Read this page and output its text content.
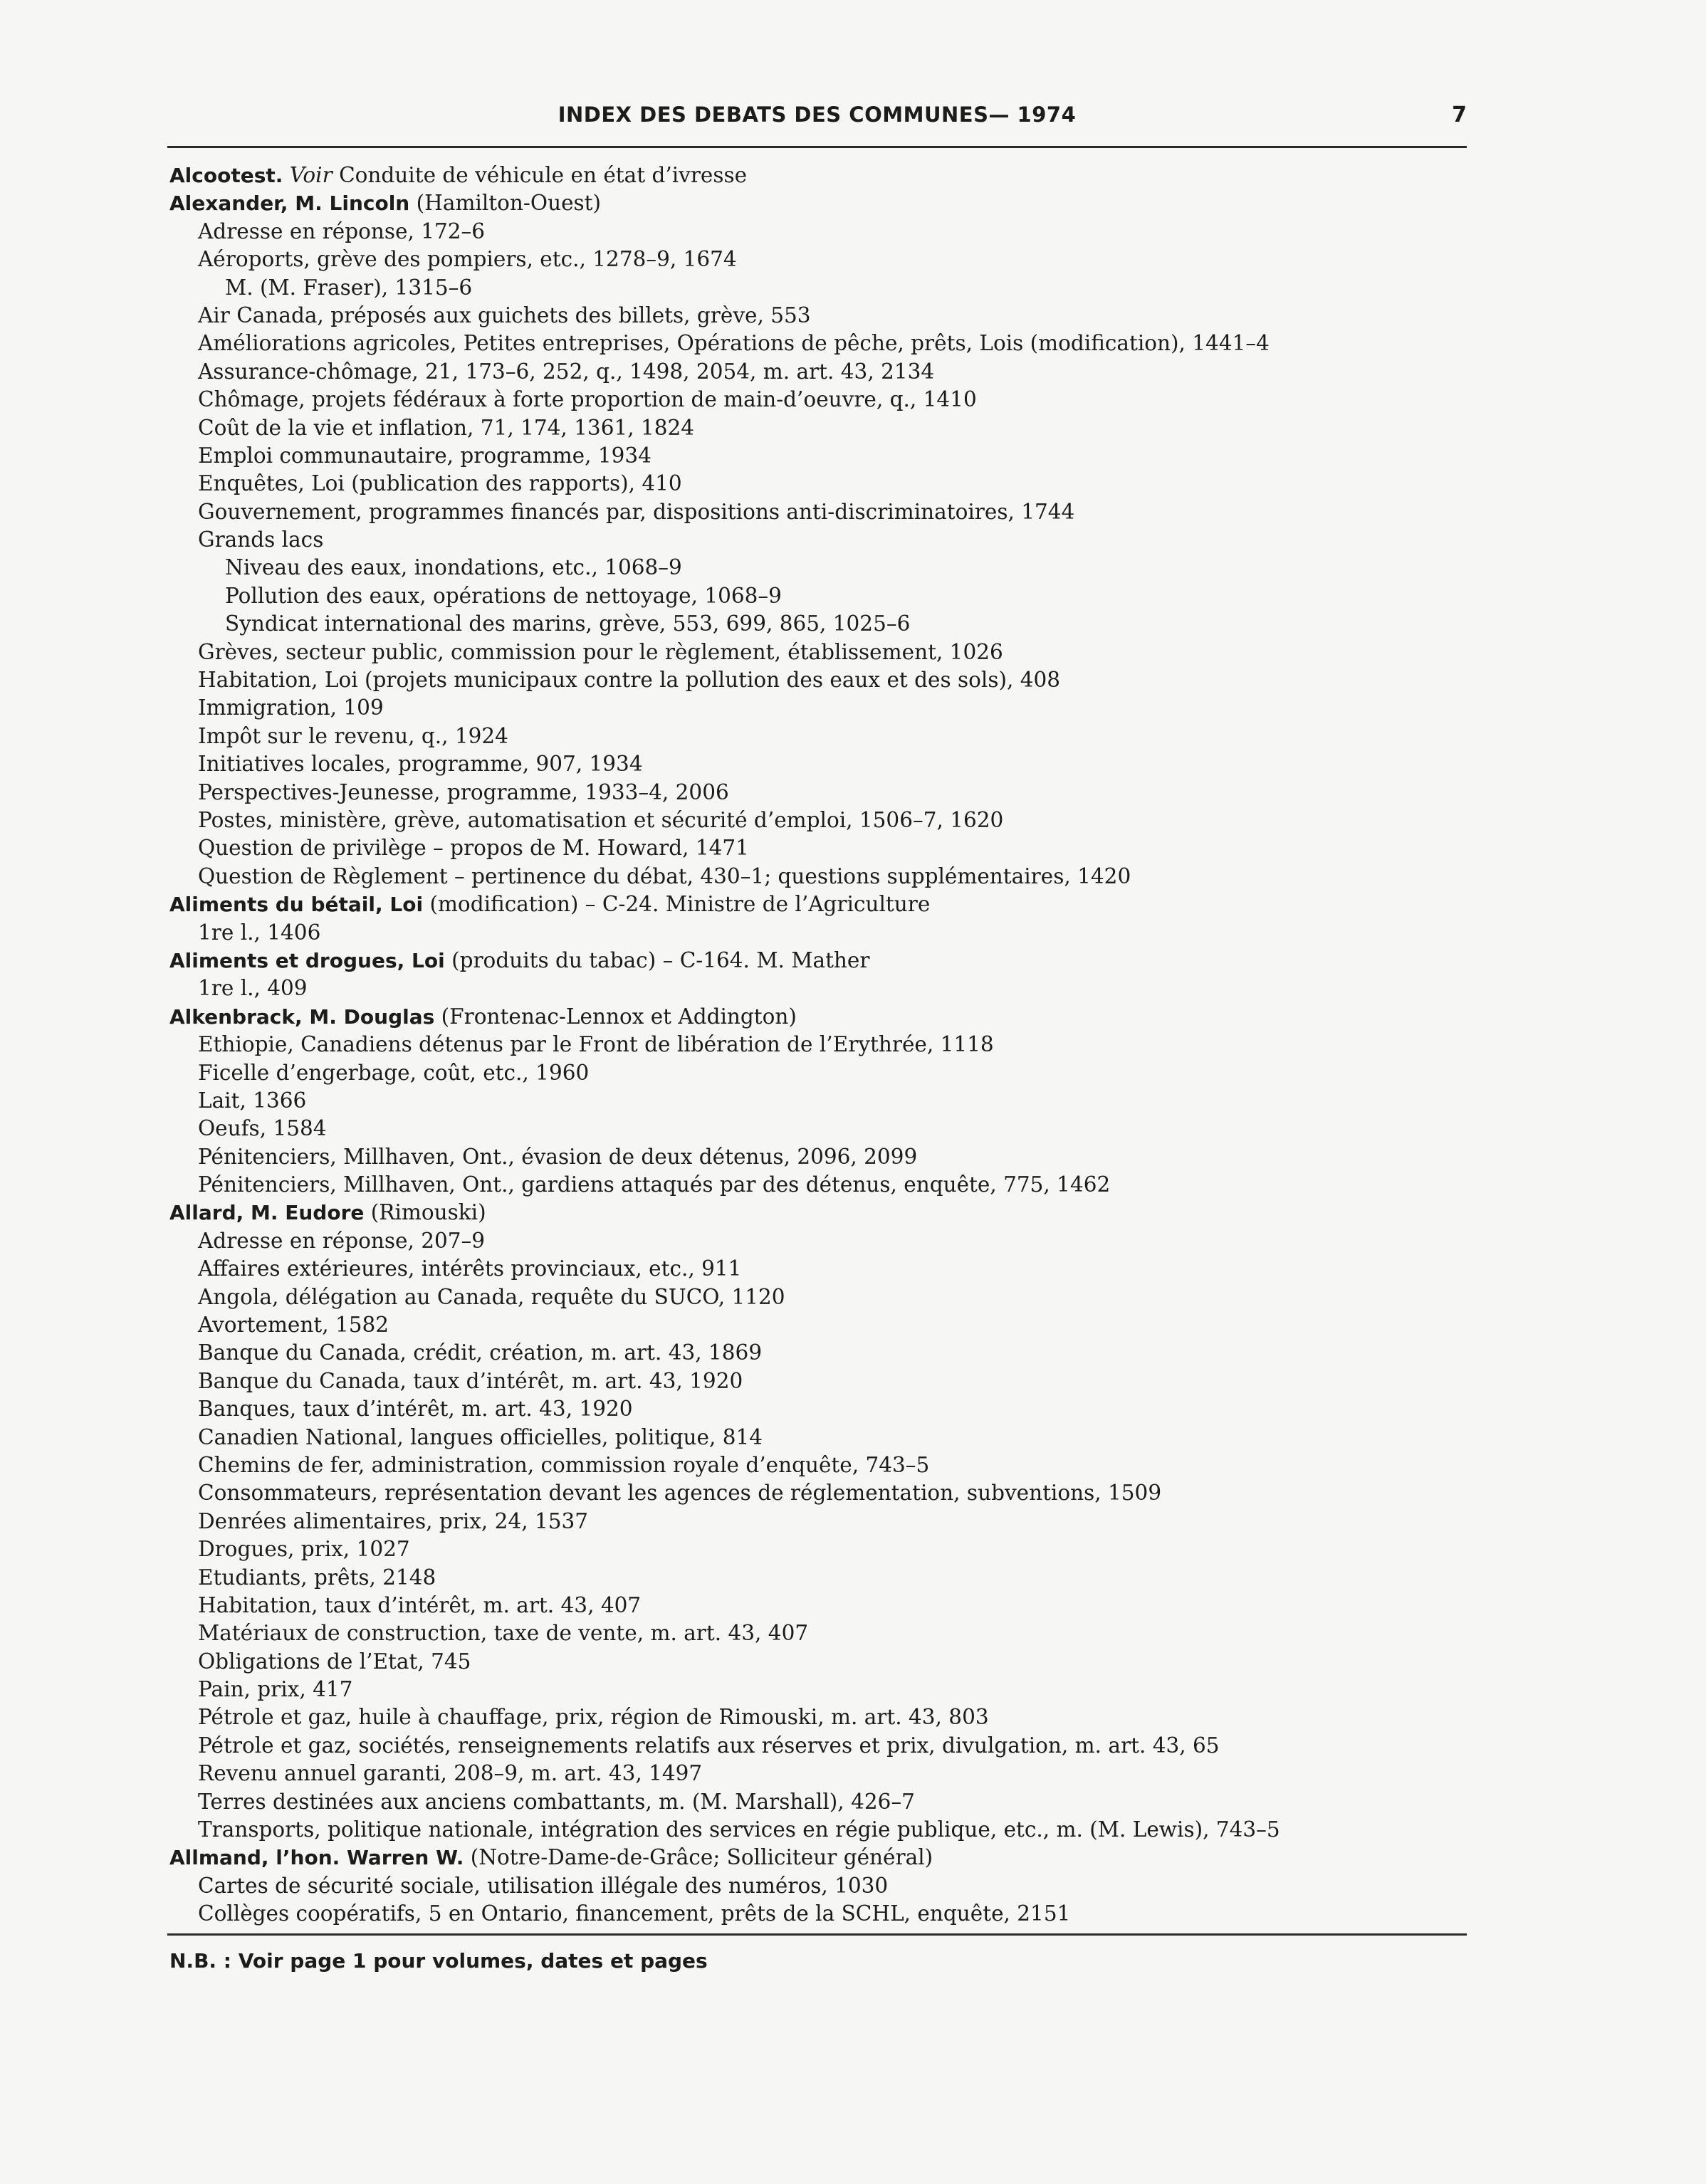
INDEX DES DEBATS DES COMMUNES— 1974	7
Alcootest. Voir Conduite de véhicule en état d’ivresse
Alexander, M. Lincoln (Hamilton-Ouest)
Adresse en réponse, 172–6
Aéroports, grève des pompiers, etc., 1278–9, 1674
M. (M. Fraser), 1315–6
Air Canada, préposés aux guichets des billets, grève, 553
Améliorations agricoles, Petites entreprises, Opérations de pêche, prêts, Lois (modification), 1441–4
Assurance-chômage, 21, 173–6, 252, q., 1498, 2054, m. art. 43, 2134
Chômage, projets fédéraux à forte proportion de main-d’oeuvre, q., 1410
Coût de la vie et inflation, 71, 174, 1361, 1824
Emploi communautaire, programme, 1934
Enquêtes, Loi (publication des rapports), 410
Gouvernement, programmes financés par, dispositions anti-discriminatoires, 1744
Grands lacs
Niveau des eaux, inondations, etc., 1068–9
Pollution des eaux, opérations de nettoyage, 1068–9
Syndicat international des marins, grève, 553, 699, 865, 1025–6
Grèves, secteur public, commission pour le règlement, établissement, 1026
Habitation, Loi (projets municipaux contre la pollution des eaux et des sols), 408
Immigration, 109
Impôt sur le revenu, q., 1924
Initiatives locales, programme, 907, 1934
Perspectives-Jeunesse, programme, 1933–4, 2006
Postes, ministère, grève, automatisation et sécurité d’emploi, 1506–7, 1620
Question de privilège – propos de M. Howard, 1471
Question de Règlement – pertinence du débat, 430–1; questions supplémentaires, 1420
Aliments du bétail, Loi (modification) – C-24. Ministre de l’Agriculture
1re l., 1406
Aliments et drogues, Loi (produits du tabac) – C-164. M. Mather
1re l., 409
Alkenbrack, M. Douglas (Frontenac-Lennox et Addington)
Ethiopie, Canadiens détenus par le Front de libération de l’Erythrée, 1118
Ficelle d’engerbage, coût, etc., 1960
Lait, 1366
Oeufs, 1584
Pénitenciers, Millhaven, Ont., évasion de deux détenus, 2096, 2099
Pénitenciers, Millhaven, Ont., gardiens attaqués par des détenus, enquête, 775, 1462
Allard, M. Eudore (Rimouski)
Adresse en réponse, 207–9
Affaires extérieures, intérêts provinciaux, etc., 911
Angola, délégation au Canada, requête du SUCO, 1120
Avortement, 1582
Banque du Canada, crédit, création, m. art. 43, 1869
Banque du Canada, taux d’intérêt, m. art. 43, 1920
Banques, taux d’intérêt, m. art. 43, 1920
Canadien National, langues officielles, politique, 814
Chemins de fer, administration, commission royale d’enquête, 743–5
Consommateurs, représentation devant les agences de réglementation, subventions, 1509
Denrées alimentaires, prix, 24, 1537
Drogues, prix, 1027
Etudiants, prêts, 2148
Habitation, taux d’intérêt, m. art. 43, 407
Matériaux de construction, taxe de vente, m. art. 43, 407
Obligations de l’Etat, 745
Pain, prix, 417
Pétrole et gaz, huile à chauffage, prix, région de Rimouski, m. art. 43, 803
Pétrole et gaz, sociétés, renseignements relatifs aux réserves et prix, divulgation, m. art. 43, 65
Revenu annuel garanti, 208–9, m. art. 43, 1497
Terres destinées aux anciens combattants, m. (M. Marshall), 426–7
Transports, politique nationale, intégration des services en régie publique, etc., m. (M. Lewis), 743–5
Allmand, l’hon. Warren W. (Notre-Dame-de-Grâce; Solliciteur général)
Cartes de sécurité sociale, utilisation illégale des numéros, 1030
Collèges coopératifs, 5 en Ontario, financement, prêts de la SCHL, enquête, 2151
N.B. : Voir page 1 pour volumes, dates et pages
